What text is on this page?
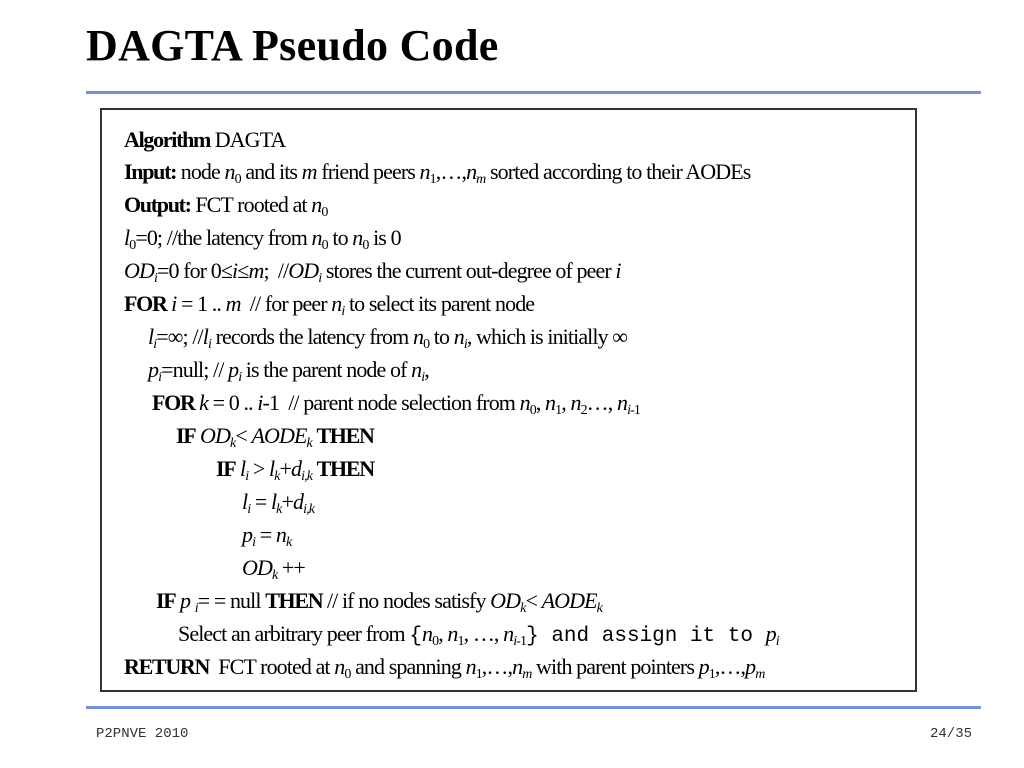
DAGTA Pseudo Code
Algorithm DAGTA
Input: node $n_0$ and its m friend peers $n_1,\dots,n_m$ sorted according to their AODEs
Output: FCT rooted at $n_0$
$l_0=0$; //the latency from $n_0$ to $n_0$ is 0
$OD_i=0$ for 0≤i≤m;  $//OD_i$ stores the current out-degree of peer i
FOR i = 1 .. m  // for peer $n_i$ to select its parent node
$l_i=\infty$; $//l_i$ records the latency from $n_0$ to $n_i$, which is initially ∞
$p_i=null$; // $p_i$ is the parent node of $n_i$,
FOR k = 0 .. i-1  // parent node selection from $n_0$, $n_1$, $n_2\dots$, $n_{i-1}$
IF $OD_k<$ $AODE_k$ THEN
IF $l_i > l_k+d_{i,k}$ THEN
$l_i = l_k+d_{i,k}$
$p_i = n_k$
$OD_k$ ++
IF p $_i$= = null THEN // if no nodes satisfy $OD_k<$ $AODE_k$
Select an arbitrary peer from {$n_0$, $n_1$, …, $n_{i-1}$} and assign it to $p_i$
RETURN  FCT rooted at $n_0$ and spanning $n_1,\dots,n_m$ with parent pointers $p_1,\dots,p_m$
P2PNVE 2010	24/35
